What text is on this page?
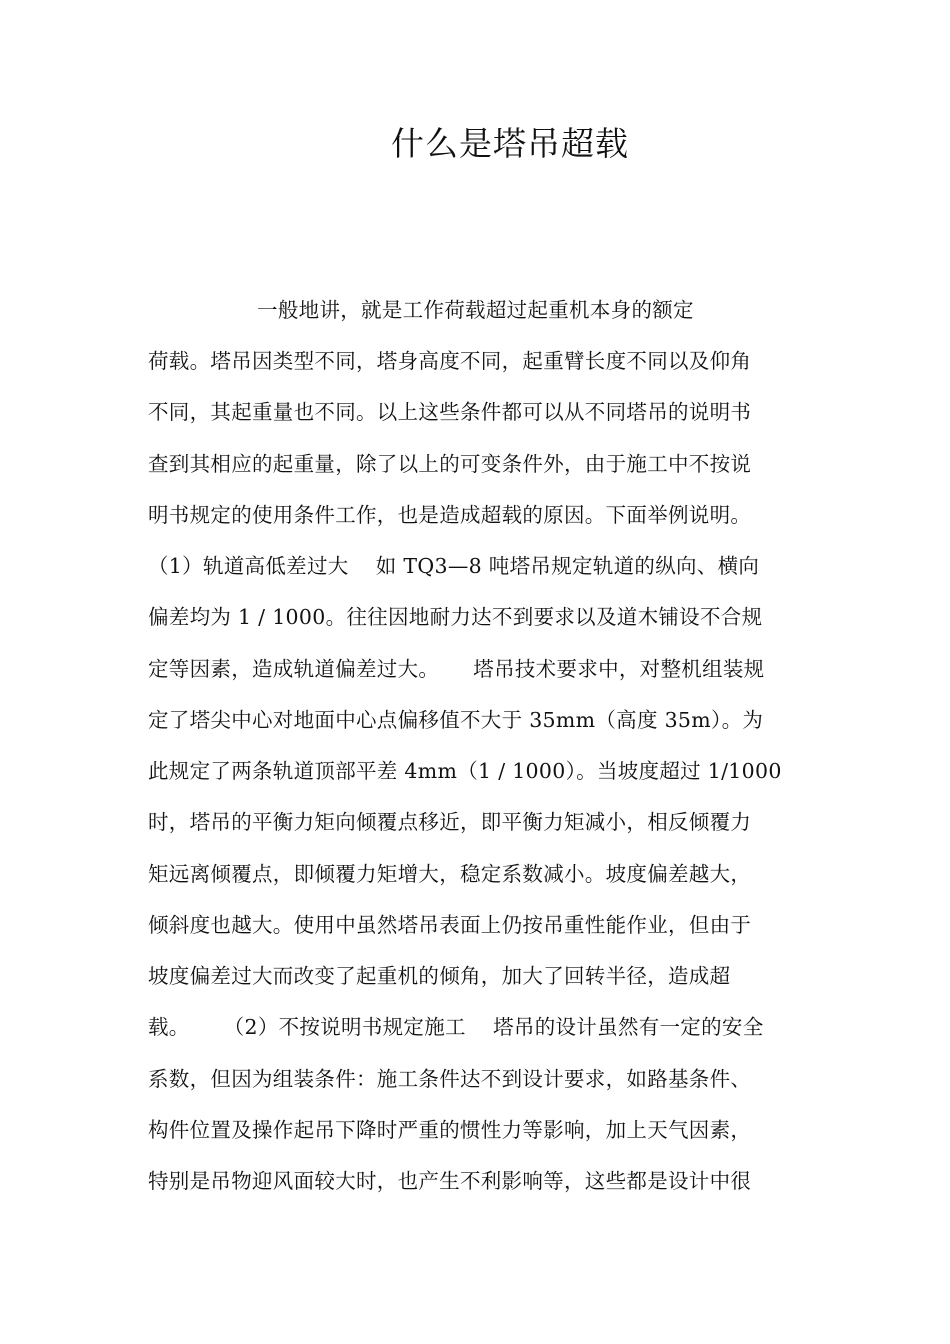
什么是塔吊超载
一般地讲，就是工作荷载超过起重机本身的额定
荷载。塔吊因类型不同，塔身高度不同，起重臂长度不同以及仰角
不同，其起重量也不同。以上这些条件都可以从不同塔吊的说明书
查到其相应的起重量，除了以上的可变条件外，由于施工中不按说
明书规定的使用条件工作，也是造成超载的原因。下面举例说明。
（1）轨道高低差过大    如 TQ3—8 吨塔吊规定轨道的纵向、横向
偏差均为 1 / 1000。往往因地耐力达不到要求以及道木铺设不合规
定等因素，造成轨道偏差过大。     塔吊技术要求中，对整机组装规
定了塔尖中心对地面中心点偏移值不大于 35mm（高度 35m）。为
此规定了两条轨道顶部平差 4mm（1 / 1000）。当坡度超过 1/1000
时，塔吊的平衡力矩向倾覆点移近，即平衡力矩减小，相反倾覆力
矩远离倾覆点，即倾覆力矩增大，稳定系数减小。坡度偏差越大，
倾斜度也越大。使用中虽然塔吊表面上仍按吊重性能作业，但由于
坡度偏差过大而改变了起重机的倾角，加大了回转半径，造成超
载。     （2）不按说明书规定施工    塔吊的设计虽然有一定的安全
系数，但因为组装条件：施工条件达不到设计要求，如路基条件、
构件位置及操作起吊下降时严重的惯性力等影响，加上天气因素，
特别是吊物迎风面较大时，也产生不利影响等，这些都是设计中很
